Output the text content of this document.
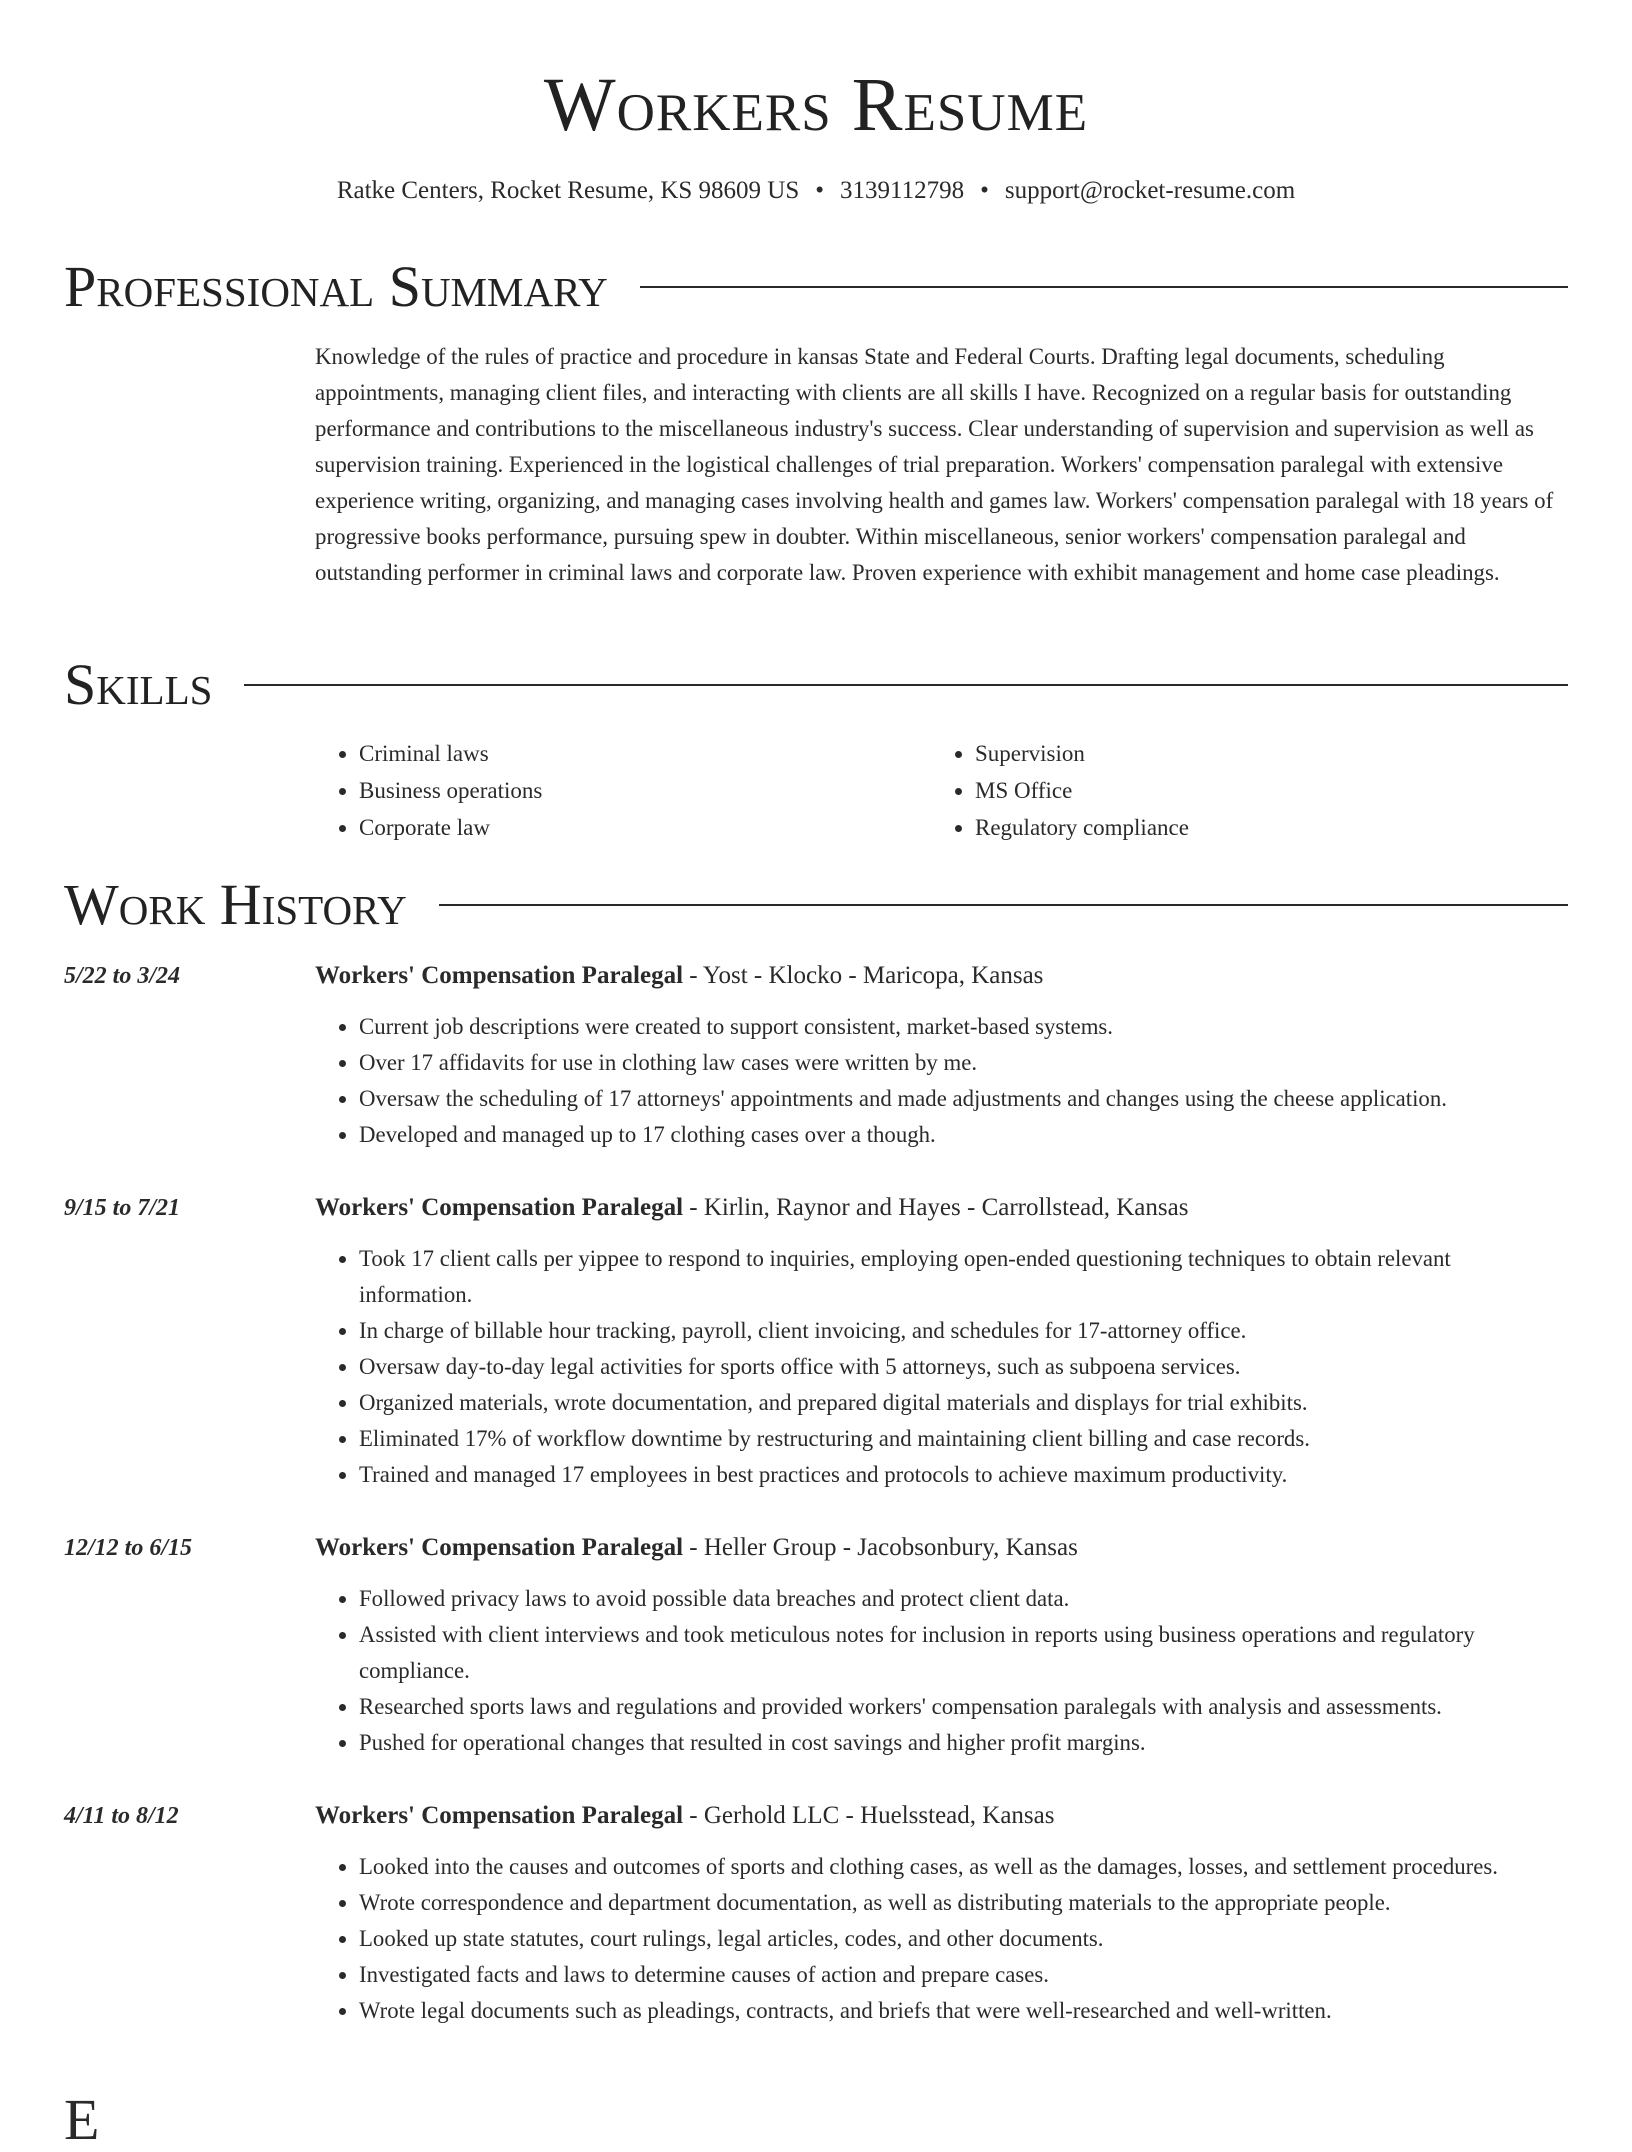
Workers Resume
Ratke Centers, Rocket Resume, KS 98609 US • 3139112798 • support@rocket-resume.com
Professional Summary

Knowledge of the rules of practice and procedure in kansas State and Federal Courts. Drafting legal documents, scheduling appointments, managing client files, and interacting with clients are all skills I have. Recognized on a regular basis for outstanding performance and contributions to the miscellaneous industry's success. Clear understanding of supervision and supervision as well as supervision training. Experienced in the logistical challenges of trial preparation. Workers' compensation paralegal with extensive experience writing, organizing, and managing cases involving health and games law. Workers' compensation paralegal with 18 years of progressive books performance, pursuing spew in doubter. Within miscellaneous, senior workers' compensation paralegal and outstanding performer in criminal laws and corporate law. Proven experience with exhibit management and home case pleadings.

Skills
• Criminal laws
• Business operations
• Corporate law
• Supervision
• MS Office
• Regulatory compliance
Work History
5/22 to 3/24	Workers' Compensation Paralegal - Yost - Klocko - Maricopa, Kansas
• Current job descriptions were created to support consistent, market-based systems.
• Over 17 affidavits for use in clothing law cases were written by me.
• Oversaw the scheduling of 17 attorneys' appointments and made adjustments and changes using the cheese application.
• Developed and managed up to 17 clothing cases over a though.
9/15 to 7/21	Workers' Compensation Paralegal - Kirlin, Raynor and Hayes - Carrollstead, Kansas
• Took 17 client calls per yippee to respond to inquiries, employing open-ended questioning techniques to obtain relevant information.
• In charge of billable hour tracking, payroll, client invoicing, and schedules for 17-attorney office.
• Oversaw day-to-day legal activities for sports office with 5 attorneys, such as subpoena services.
• Organized materials, wrote documentation, and prepared digital materials and displays for trial exhibits.
• Eliminated 17% of workflow downtime by restructuring and maintaining client billing and case records.
• Trained and managed 17 employees in best practices and protocols to achieve maximum productivity.
12/12 to 6/15	Workers' Compensation Paralegal - Heller Group - Jacobsonbury, Kansas
• Followed privacy laws to avoid possible data breaches and protect client data.
• Assisted with client interviews and took meticulous notes for inclusion in reports using business operations and regulatory compliance.
• Researched sports laws and regulations and provided workers' compensation paralegals with analysis and assessments.
• Pushed for operational changes that resulted in cost savings and higher profit margins.
4/11 to 8/12	Workers' Compensation Paralegal - Gerhold LLC - Huelsstead, Kansas
• Looked into the causes and outcomes of sports and clothing cases, as well as the damages, losses, and settlement procedures.
• Wrote correspondence and department documentation, as well as distributing materials to the appropriate people.
• Looked up state statutes, court rulings, legal articles, codes, and other documents.
• Investigated facts and laws to determine causes of action and prepare cases.
• Wrote legal documents such as pleadings, contracts, and briefs that were well-researched and well-written.
E
